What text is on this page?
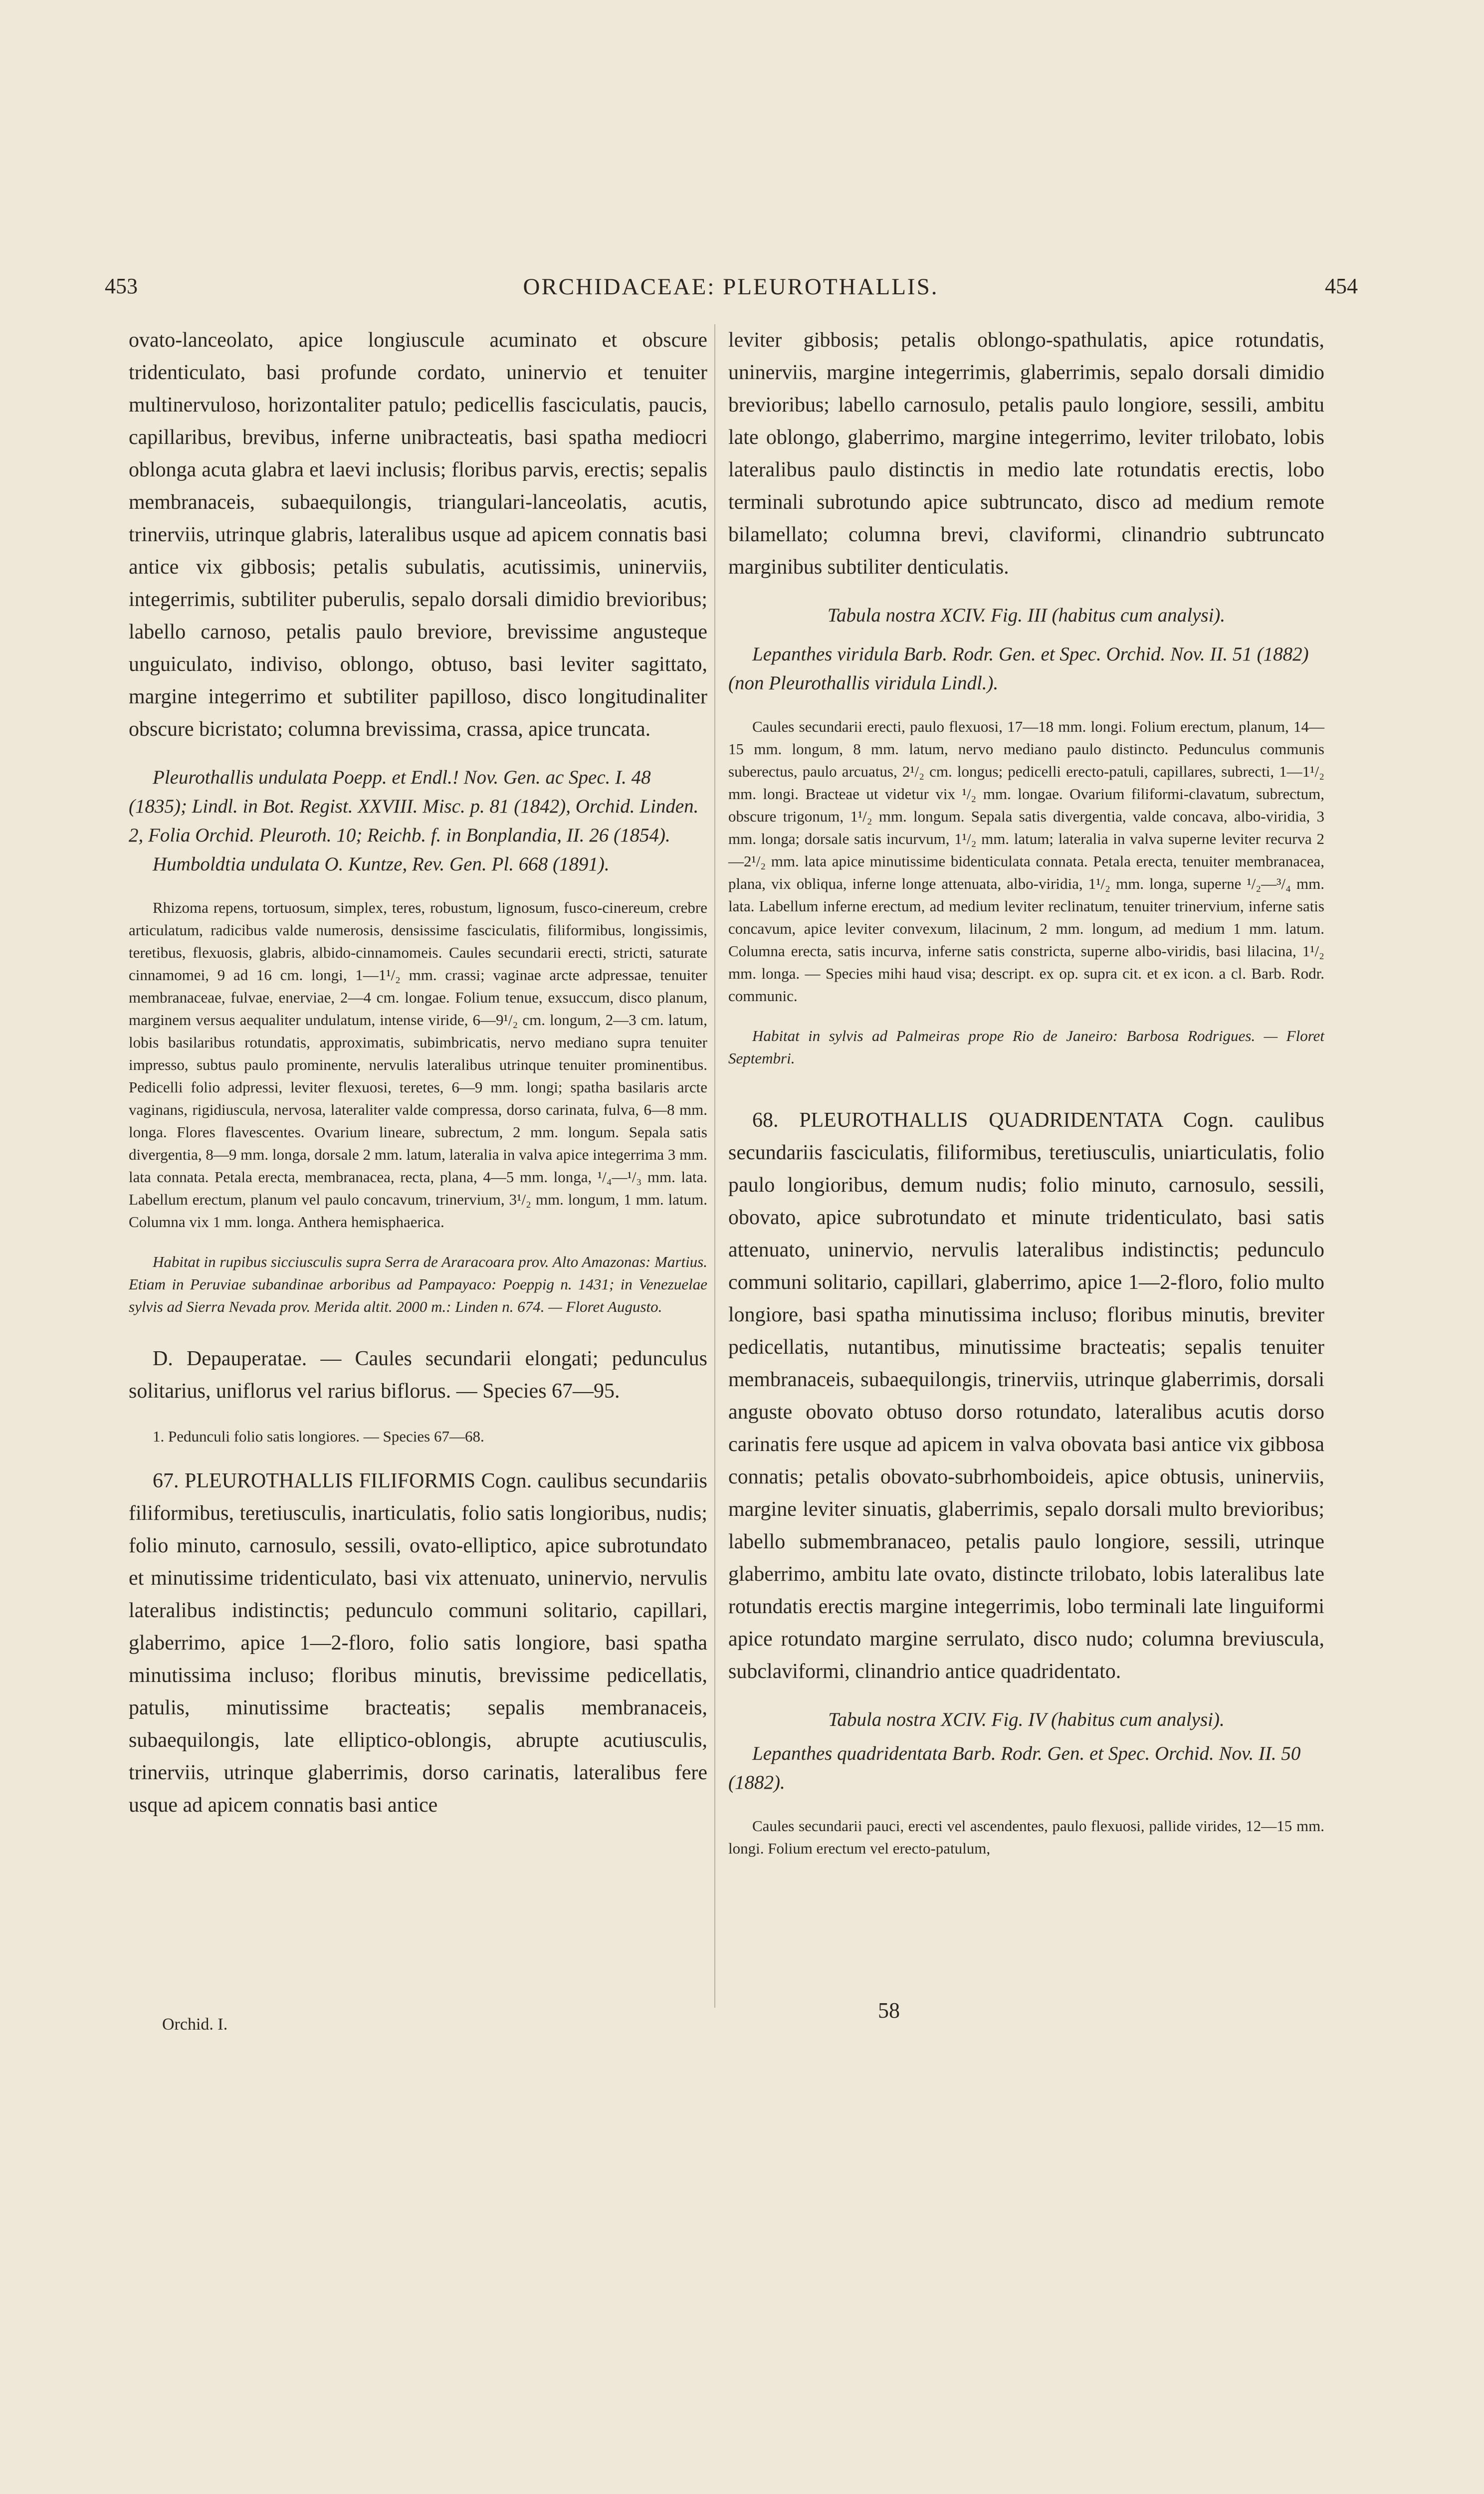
453	ORCHIDACEAE: PLEUROTHALLIS.	454

ovato-lanceolato, apice longiuscule acuminato et obscure tridenticulato, basi profunde cordato, uninervio et tenuiter multinervuloso, horizontaliter patulo; pedicellis fasciculatis, paucis, capillaribus, brevibus, inferne unibracteatis, basi spatha mediocri oblonga acuta glabra et laevi inclusis; floribus parvis, erectis; sepalis membranaceis, subaequilongis, triangulari-lanceolatis, acutis, trinerviis, utrinque glabris, lateralibus usque ad apicem connatis basi antice vix gibbosis; petalis subulatis, acutissimis, uninerviis, integerrimis, subtiliter puberulis, sepalo dorsali dimidio brevioribus; labello carnoso, petalis paulo breviore, brevissime angusteque unguiculato, indiviso, oblongo, obtuso, basi leviter sagittato, margine integerrimo et subtiliter papilloso, disco longitudinaliter obscure bicristato; columna brevissima, crassa, apice truncata.

Pleurothallis undulata Poepp. et Endl.! Nov. Gen. ac Spec. I. 48 (1835); Lindl. in Bot. Regist. XXVIII. Misc. p. 81 (1842), Orchid. Linden. 2, Folia Orchid. Pleuroth. 10; Reichb. f. in Bonplandia, II. 26 (1854).

Humboldtia undulata O. Kuntze, Rev. Gen. Pl. 668 (1891).

Rhizoma repens, tortuosum, simplex, teres, robustum, lignosum, fusco-cinereum, crebre articulatum, radicibus valde numerosis, densissime fasciculatis, filiformibus, longissimis, teretibus, flexuosis, glabris, albido-cinnamomeis. Caules secundarii erecti, stricti, saturate cinnamomei, 9 ad 16 cm. longi, 1—1¹/₂ mm. crassi; vaginae arcte adpressae, tenuiter membranaceae, fulvae, enerviae, 2—4 cm. longae. Folium tenue, exsuccum, disco planum, marginem versus aequaliter undulatum, intense viride, 6—9¹/₂ cm. longum, 2—3 cm. latum, lobis basilaribus rotundatis, approximatis, subimbricatis, nervo mediano supra tenuiter impresso, subtus paulo prominente, nervulis lateralibus utrinque tenuiter prominentibus. Pedicelli folio adpressi, leviter flexuosi, teretes, 6—9 mm. longi; spatha basilaris arcte vaginans, rigidiuscula, nervosa, lateraliter valde compressa, dorso carinata, fulva, 6—8 mm. longa. Flores flavescentes. Ovarium lineare, subrectum, 2 mm. longum. Sepala satis divergentia, 8—9 mm. longa, dorsale 2 mm. latum, lateralia in valva apice integerrima 3 mm. lata connata. Petala erecta, membranacea, recta, plana, 4—5 mm. longa, ¹/₄—¹/₃ mm. lata. Labellum erectum, planum vel paulo concavum, trinervium, 3¹/₂ mm. longum, 1 mm. latum. Columna vix 1 mm. longa. Anthera hemisphaerica.

Habitat in rupibus sicciusculis supra Serra de Araracoara prov. Alto Amazonas: Martius. Etiam in Peruviae subandinae arboribus ad Pampayaco: Poeppig n. 1431; in Venezuelae sylvis ad Sierra Nevada prov. Merida altit. 2000 m.: Linden n. 674. — Floret Augusto.

D. Depauperatae. — Caules secundarii elongati; pedunculus solitarius, uniflorus vel rarius biflorus. — Species 67—95.

1. Pedunculi folio satis longiores. — Species 67—68.

67. PLEUROTHALLIS FILIFORMIS Cogn. caulibus secundariis filiformibus, teretiusculis, inarticulatis, folio satis longioribus, nudis; folio minuto, carnosulo, sessili, ovato-elliptico, apice subrotundato et minutissime tridenticulato, basi vix attenuato, uninervio, nervulis lateralibus indistinctis; pedunculo communi solitario, capillari, glaberrimo, apice 1—2-floro, folio satis longiore, basi spatha minutissima incluso; floribus minutis, brevissime pedicellatis, patulis, minutissime bracteatis; sepalis membranaceis, subaequilongis, late elliptico-oblongis, abrupte acutiusculis, trinerviis, utrinque glaberrimis, dorso carinatis, lateralibus fere usque ad apicem connatis basi antice

leviter gibbosis; petalis oblongo-spathulatis, apice rotundatis, uninerviis, margine integerrimis, glaberrimis, sepalo dorsali dimidio brevioribus; labello carnosulo, petalis paulo longiore, sessili, ambitu late oblongo, glaberrimo, margine integerrimo, leviter trilobato, lobis lateralibus paulo distinctis in medio late rotundatis erectis, lobo terminali subrotundo apice subtruncato, disco ad medium remote bilamellato; columna brevi, claviformi, clinandrio subtruncato marginibus subtiliter denticulatis.

Tabula nostra XCIV. Fig. III (habitus cum analysi).

Lepanthes viridula Barb. Rodr. Gen. et Spec. Orchid. Nov. II. 51 (1882) (non Pleurothallis viridula Lindl.).

Caules secundarii erecti, paulo flexuosi, 17—18 mm. longi. Folium erectum, planum, 14—15 mm. longum, 8 mm. latum, nervo mediano paulo distincto. Pedunculus communis suberectus, paulo arcuatus, 2¹/₂ cm. longus; pedicelli erecto-patuli, capillares, subrecti, 1—1¹/₂ mm. longi. Bracteae ut videtur vix ¹/₂ mm. longae. Ovarium filiformi-clavatum, subrectum, obscure trigonum, 1¹/₂ mm. longum. Sepala satis divergentia, valde concava, albo-viridia, 3 mm. longa; dorsale satis incurvum, 1¹/₂ mm. latum; lateralia in valva superne leviter recurva 2—2¹/₂ mm. lata apice minutissime bidenticulata connata. Petala erecta, tenuiter membranacea, plana, vix obliqua, inferne longe attenuata, albo-viridia, 1¹/₂ mm. longa, superne ¹/₂—³/₄ mm. lata. Labellum inferne erectum, ad medium leviter reclinatum, tenuiter trinervium, inferne satis concavum, apice leviter convexum, lilacinum, 2 mm. longum, ad medium 1 mm. latum. Columna erecta, satis incurva, inferne satis constricta, superne albo-viridis, basi lilacina, 1¹/₂ mm. longa. — Species mihi haud visa; descript. ex op. supra cit. et ex icon. a cl. Barb. Rodr. communic.

Habitat in sylvis ad Palmeiras prope Rio de Janeiro: Barbosa Rodrigues. — Floret Septembri.

68. PLEUROTHALLIS QUADRIDENTATA Cogn. caulibus secundariis fasciculatis, filiformibus, teretiusculis, uniarticulatis, folio paulo longioribus, demum nudis; folio minuto, carnosulo, sessili, obovato, apice subrotundato et minute tridenticulato, basi satis attenuato, uninervio, nervulis lateralibus indistinctis; pedunculo communi solitario, capillari, glaberrimo, apice 1—2-floro, folio multo longiore, basi spatha minutissima incluso; floribus minutis, breviter pedicellatis, nutantibus, minutissime bracteatis; sepalis tenuiter membranaceis, subaequilongis, trinerviis, utrinque glaberrimis, dorsali anguste obovato obtuso dorso rotundato, lateralibus acutis dorso carinatis fere usque ad apicem in valva obovata basi antice vix gibbosa connatis; petalis obovato-subrhomboideis, apice obtusis, uninerviis, margine leviter sinuatis, glaberrimis, sepalo dorsali multo brevioribus; labello submembranaceo, petalis paulo longiore, sessili, utrinque glaberrimo, ambitu late ovato, distincte trilobato, lobis lateralibus late rotundatis erectis margine integerrimis, lobo terminali late linguiformi apice rotundato margine serrulato, disco nudo; columna breviuscula, subclaviformi, clinandrio antice quadridentato.

Tabula nostra XCIV. Fig. IV (habitus cum analysi).

Lepanthes quadridentata Barb. Rodr. Gen. et Spec. Orchid. Nov. II. 50 (1882).

Caules secundarii pauci, erecti vel ascendentes, paulo flexuosi, pallide virides, 12—15 mm. longi. Folium erectum vel erecto-patulum,

Orchid. I.
58
